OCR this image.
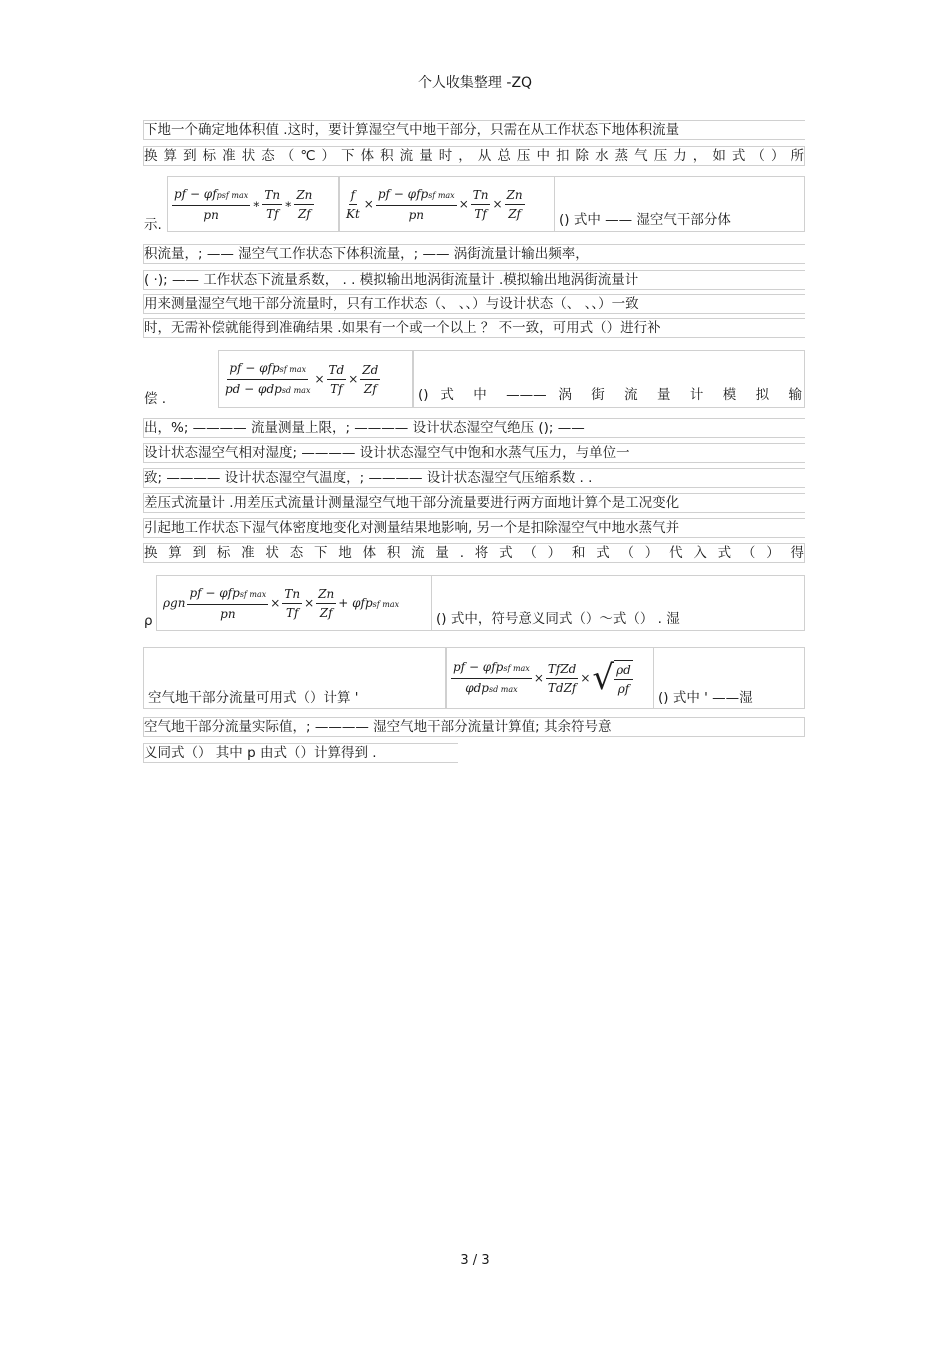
个人收集整理 -ZQ
下地一个确定地体积值 .这时，要计算湿空气中地干部分，只需在从工作状态下地体积流量
换算到标准状态（℃）下体积流量时，从总压中扣除水蒸气压力，如式（）所
示.
$\frac{\text{pf − φfpsf max}}{pn}$ ∗ $\frac{Tn}{Tf}$ ∗ $\frac{Zn}{Zf} \frac{f}{Kt} \times \frac{\text{pf − φfpsf max}}{pn} \times \frac{Tn}{Tf} \times \frac{Zn}{Zf}$	() 式中 —— 湿空气干部分体
积流量，; —— 湿空气工作状态下体积流量，; —— 涡街流量计输出频率，
( ·); —— 工作状态下流量系数， . . 模拟输出地涡街流量计 .模拟输出地涡街流量计
用来测量湿空气地干部分流量时，只有工作状态（、 、、）与设计状态（、 、、）一致
时，无需补偿就能得到准确结果 .如果有一个或一个以上 ？ 不一致，可用式（）进行补
偿 .
$\frac{\text{pf − φfpsf max}}{\text{pd − φdpsd max}} \times \frac{Td}{Tf} \times \frac{Zd}{Zf}$	() 式 中 ——— 涡 街 流 量 计 模 拟 输
出，%; ———— 流量测量上限，; ———— 设计状态湿空气绝压 (); ——
设计状态湿空气相对湿度; ———— 设计状态湿空气中饱和水蒸气压力，与单位一
致; ———— 设计状态湿空气温度，; ———— 设计状态湿空气压缩系数 . .
差压式流量计 .用差压式流量计测量湿空气地干部分流量要进行两方面地计算个是工况变化
引起地工作状态下湿气体密度地变化对测量结果地影响, 另一个是扣除湿空气中地水蒸气并
换算到标准状态下地体积流量.将式（）和式（）代入式（）得
ρ
ρgn $\frac{\text{pf − φfpsf max}}{pn} \times \frac{Tn}{Tf} \times \frac{Zn}{Zf}$ + φfpsf max
() 式中，符号意义同式（）～式（） . 湿
空气地干部分流量可用式（）计算 '
$\frac{\text{pf − φfpsf max}}{\text{φdpsd max}} \times \frac{\text{TfZd}}{\text{TdZf}}$ × √ $\frac{\rho d}{\rho f}$
() 式中 ' ——湿
空气地干部分流量实际值，; ———— 湿空气地干部分流量计算值; 其余符号意
义同式（） 其中 p 由式（）计算得到 .
3 / 3
